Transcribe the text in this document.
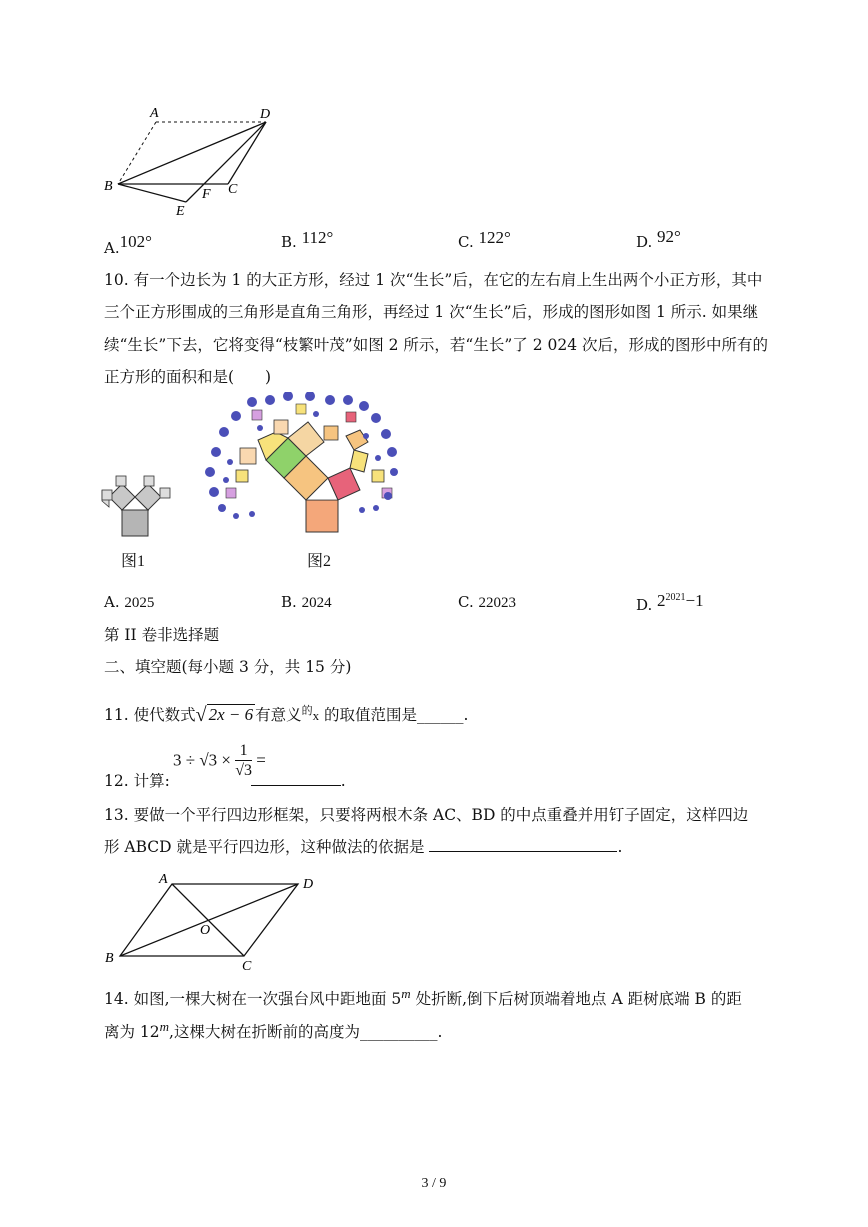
A	D
B
F C
E
A.$^{102^\circ}$	B. 112°	C. 122°	D. 92°
10. 有一个边长为 1 的大正方形，经过 1 次“生长”后，在它的左右肩上生出两个小正方形，其中
三个正方形围成的三角形是直角三角形，再经过 1 次“生长”后，形成的图形如图 1 所示. 如果继
续“生长”下去，它将变得“枝繁叶茂”如图 2 所示，若“生长”了 2 024 次后，形成的图形中所有的
正方形的面积和是(　　)
图1	图2
A. 2025	B. 2024	C. 22023	D. $2^{2021}-1$
第 II 卷非选择题
二、填空题(每小题 3 分，共 15 分)
11. 使代数式√ 2x − 6 有意义$^的$x 的取值范围是______.
$3 \div √3 \times \frac{1}{√3}$ =
12. 计算:	.
13. 要做一个平行四边形框架，只要将两根木条 AC、BD 的中点重叠并用钉子固定，这样四边
形 ABCD 就是平行四边形，这种做法的依据是	.
A	D
O
B
C
14. 如图,一棵大树在一次强台风中距地面 5$^m$ 处折断,倒下后树顶端着地点 A 距树底端 B 的距
离为 12$^m$,这棵大树在折断前的高度为__________.
3 / 9
